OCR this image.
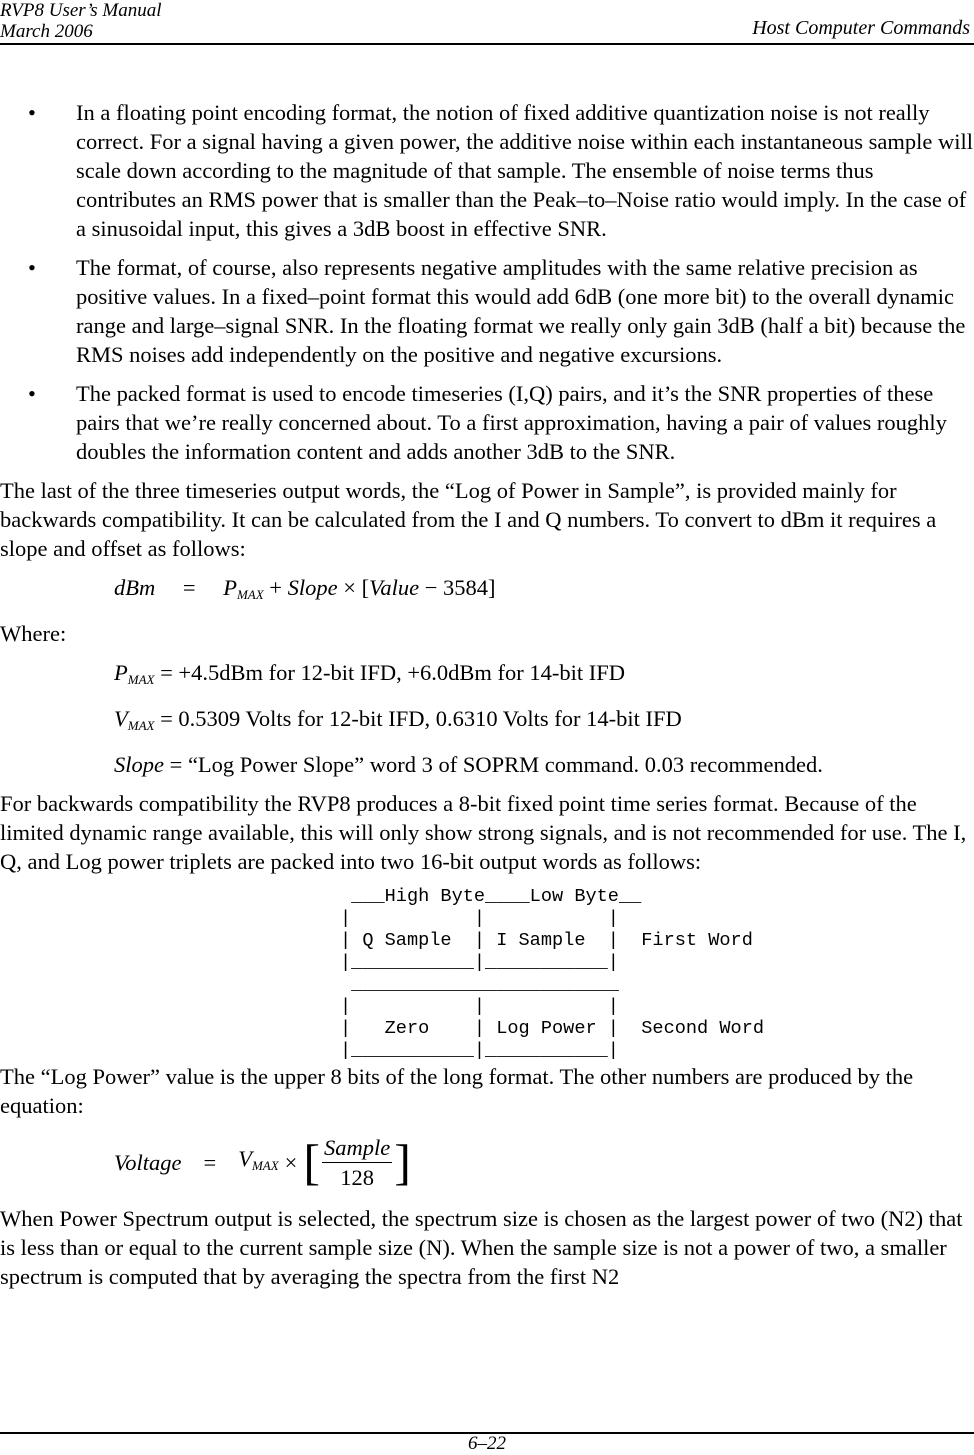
RVP8 User’s Manual
March 2006	Host Computer Commands
• In a floating point encoding format, the notion of fixed additive quantization noise is not really correct. For a signal having a given power, the additive noise within each instantaneous sample will scale down according to the magnitude of that sample. The ensemble of noise terms thus contributes an RMS power that is smaller than the Peak–to–Noise ratio would imply. In the case of a sinusoidal input, this gives a 3dB boost in effective SNR.
• The format, of course, also represents negative amplitudes with the same relative precision as positive values. In a fixed–point format this would add 6dB (one more bit) to the overall dynamic range and large–signal SNR. In the floating format we really only gain 3dB (half a bit) because the RMS noises add independently on the positive and negative excursions.
• The packed format is used to encode timeseries (I,Q) pairs, and it’s the SNR properties of these pairs that we’re really concerned about. To a first approximation, having a pair of values roughly doubles the information content and adds another 3dB to the SNR.

The last of the three timeseries output words, the “Log of Power in Sample”, is provided mainly for backwards compatibility. It can be calculated from the I and Q numbers. To convert to dBm it requires a slope and offset as follows:

dBm = $P_{MAX}$ + Slope × [Value − 3584]

Where:

$P_{MAX} = +4.5dBm$ for 12-bit IFD, +6.0dBm for 14-bit IFD
$V_{MAX} = 0.5309$ Volts for 12-bit IFD, 0.6310 Volts for 14-bit IFD
Slope = “Log Power Slope” word 3 of SOPRM command. 0.03 recommended.

For backwards compatibility the RVP8 produces a 8-bit fixed point time series format. Because of the limited dynamic range available, this will only show strong signals, and is not recommended for use. The I, Q, and Log power triplets are packed into two 16-bit output words as follows:

___High Byte____Low Byte__
|           |           |
| Q Sample  | I Sample  |  First Word
|___________|___________|
________________________
|           |           |
|   Zero    | Log Power |  Second Word
|___________|___________|

The “Log Power” value is the upper 8 bits of the long format. The other numbers are produced by the equation:

Voltage = $V_{MAX}$ × [ $\frac{\text{Sample}}{128}$ ]

When Power Spectrum output is selected, the spectrum size is chosen as the largest power of two (N2) that is less than or equal to the current sample size (N). When the sample size is not a power of two, a smaller spectrum is computed that by averaging the spectra from the first N2

6–22
